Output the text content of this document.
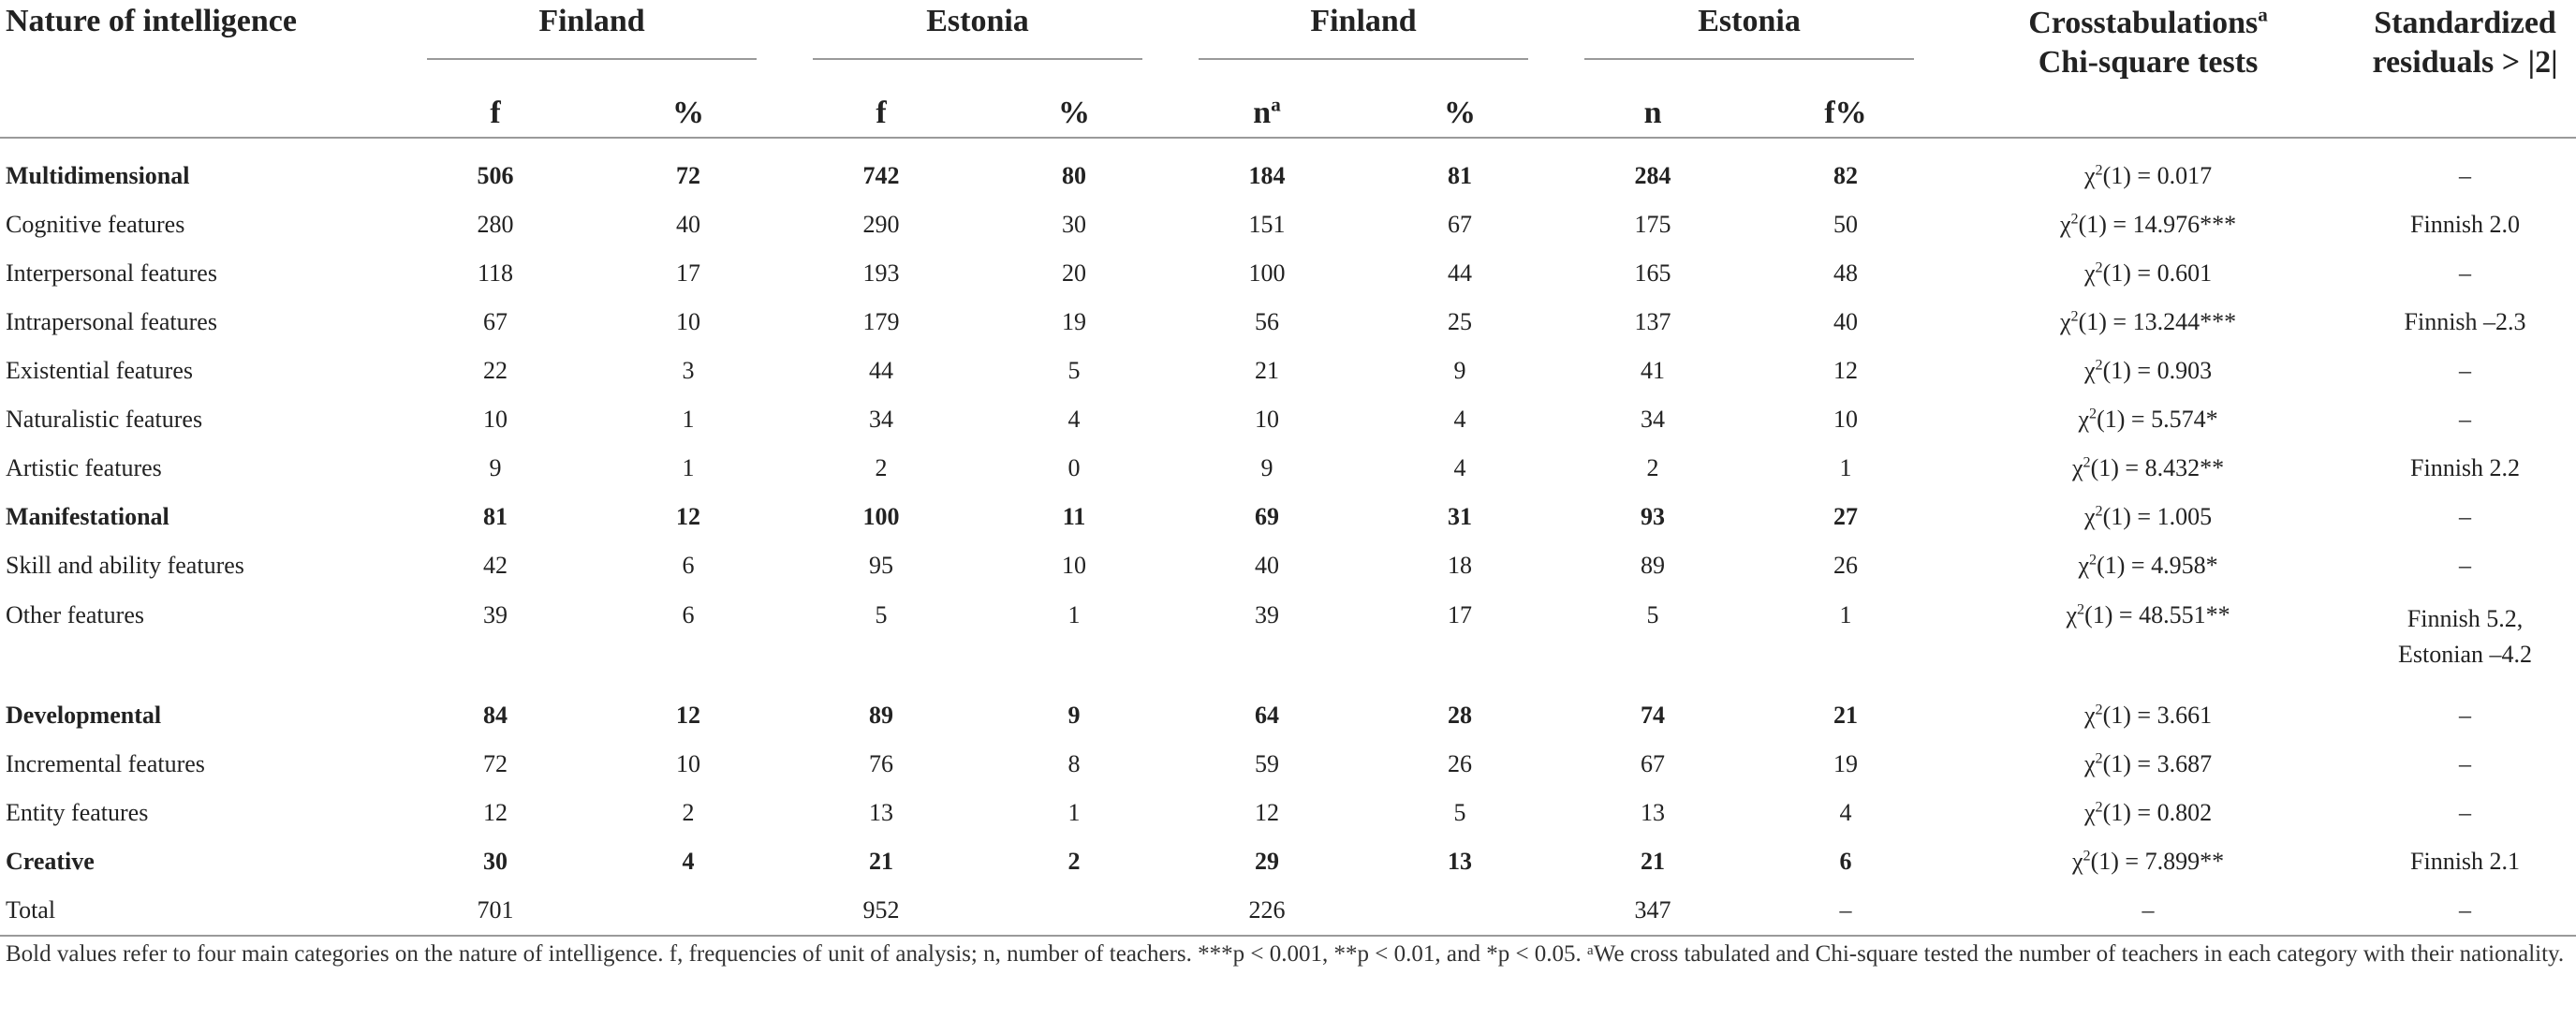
Nature of intelligence	Finland		Estonia		Finland		Estonia		Crosstabulations$^a$
Chi-square tests	Standardized
residuals > |2|
	f	%	f	%	$n^a$	%	n	f%		

Multidimensional	506	72	742	80	184	81	284	82	$\chi^2(1) = 0.017$	–
Cognitive features	280	40	290	30	151	67	175	50	$\chi^2(1) = 14.976***$	Finnish 2.0
Interpersonal features	118	17	193	20	100	44	165	48	$\chi^2(1) = 0.601$	–
Intrapersonal features	67	10	179	19	56	25	137	40	$\chi^2(1) = 13.244***$	Finnish –2.3
Existential features	22	3	44	5	21	9	41	12	$\chi^2(1) = 0.903$	–
Naturalistic features	10	1	34	4	10	4	34	10	$\chi^2(1) = 5.574*$	–
Artistic features	9	1	2	0	9	4	2	1	$\chi^2(1) = 8.432**$	Finnish 2.2
Manifestational	81	12	100	11	69	31	93	27	$\chi^2(1) = 1.005$	–
Skill and ability features	42	6	95	10	40	18	89	26	$\chi^2(1) = 4.958*$	–
Other features	39	6	5	1	39	17	5	1	$\chi^2(1) = 48.551**$	Finnish 5.2,
Estonian –4.2
Developmental	84	12	89	9	64	28	74	21	$\chi^2(1) = 3.661$	–
Incremental features	72	10	76	8	59	26	67	19	$\chi^2(1) = 3.687$	–
Entity features	12	2	13	1	12	5	13	4	$\chi^2(1) = 0.802$	–
Creative	30	4	21	2	29	13	21	6	$\chi^2(1) = 7.899**$	Finnish 2.1
Total	701		952		226		347	–	–	–
Bold values refer to four main categories on the nature of intelligence. f, frequencies of unit of analysis; n, number of teachers. ***p < 0.001, **p < 0.01, and *p < 0.05. ᵃWe cross tabulated and Chi-square tested the number of teachers in each category with their nationality.
